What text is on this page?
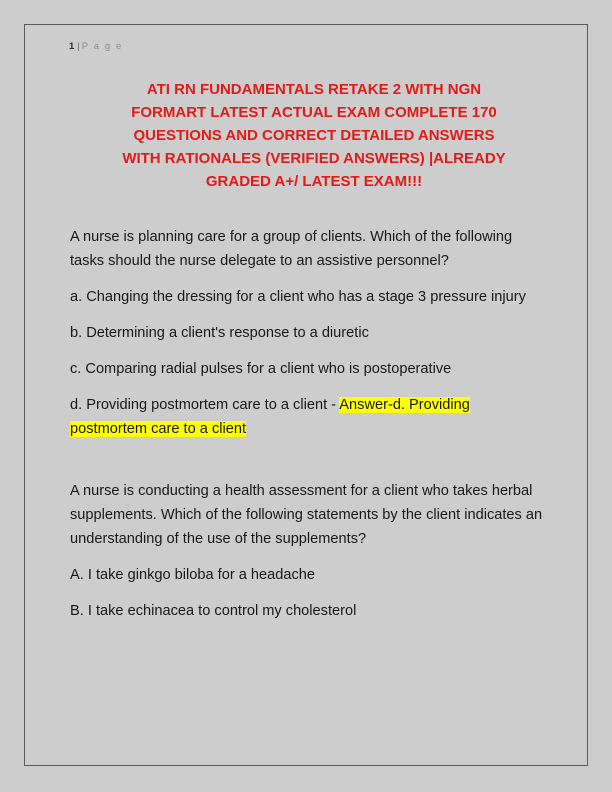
1 | P a g e
ATI RN FUNDAMENTALS RETAKE 2 WITH NGN
FORMART LATEST ACTUAL EXAM COMPLETE 170
QUESTIONS AND CORRECT DETAILED ANSWERS
WITH RATIONALES (VERIFIED ANSWERS) |ALREADY
GRADED A+/ LATEST EXAM!!!

A nurse is planning care for a group of clients. Which of the following tasks should the nurse delegate to an assistive personnel?

a. Changing the dressing for a client who has a stage 3 pressure injury

b. Determining a client's response to a diuretic

c. Comparing radial pulses for a client who is postoperative

d. Providing postmortem care to a client - Answer-d. Providing postmortem care to a client

A nurse is conducting a health assessment for a client who takes herbal supplements. Which of the following statements by the client indicates an understanding of the use of the supplements?

A. I take ginkgo biloba for a headache

B. I take echinacea to control my cholesterol
